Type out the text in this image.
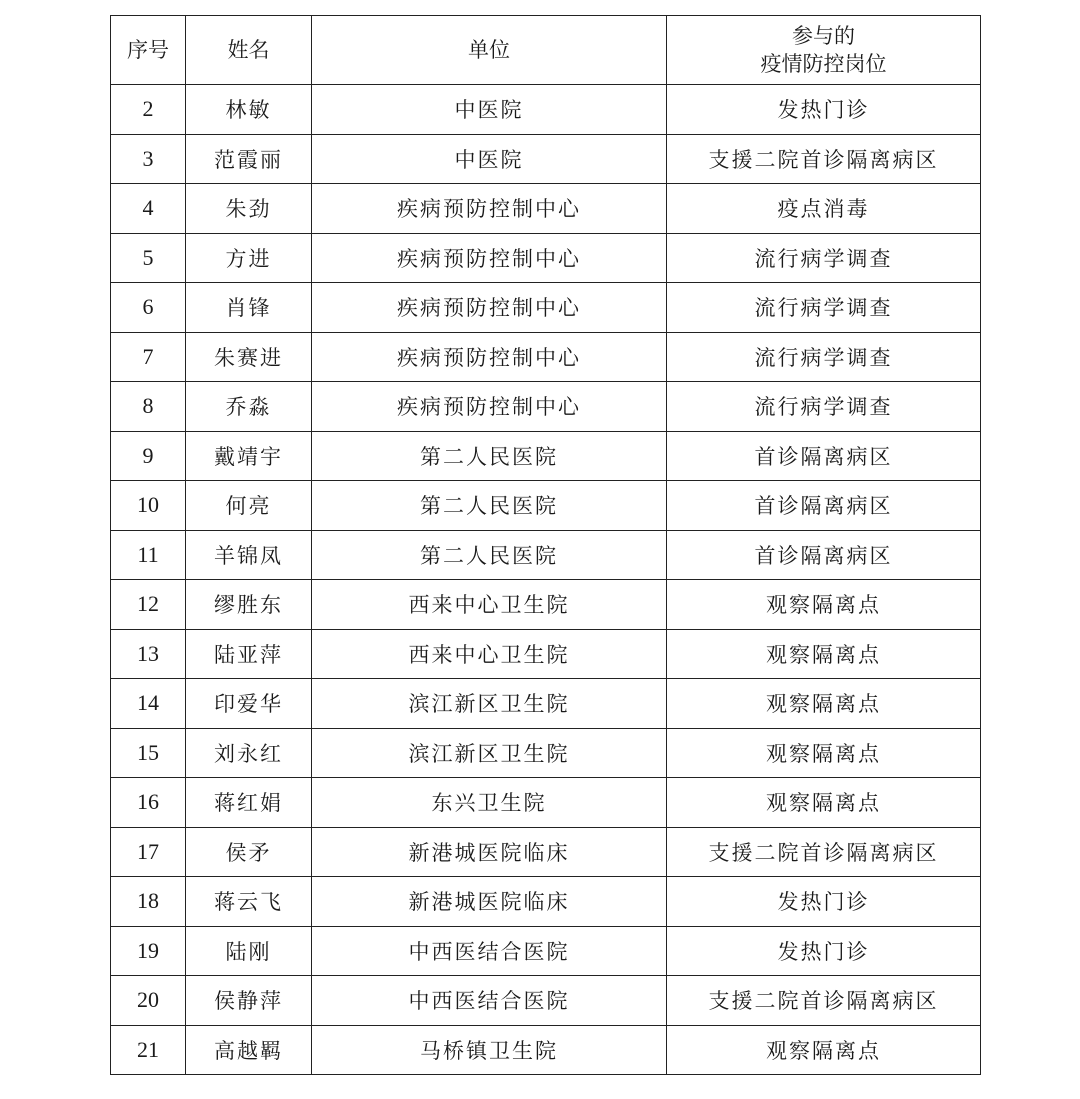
序号	姓名	单位	参与的
疫情防控岗位

2	林敏	中医院	发热门诊
3	范霞丽	中医院	支援二院首诊隔离病区
4	朱劲	疾病预防控制中心	疫点消毒
5	方进	疾病预防控制中心	流行病学调查
6	肖锋	疾病预防控制中心	流行病学调查
7	朱赛进	疾病预防控制中心	流行病学调查
8	乔淼	疾病预防控制中心	流行病学调查
9	戴靖宇	第二人民医院	首诊隔离病区
10	何亮	第二人民医院	首诊隔离病区
11	羊锦凤	第二人民医院	首诊隔离病区
12	缪胜东	西来中心卫生院	观察隔离点
13	陆亚萍	西来中心卫生院	观察隔离点
14	印爱华	滨江新区卫生院	观察隔离点
15	刘永红	滨江新区卫生院	观察隔离点
16	蒋红娟	东兴卫生院	观察隔离点
17	侯矛	新港城医院临床	支援二院首诊隔离病区
18	蒋云飞	新港城医院临床	发热门诊
19	陆刚	中西医结合医院	发热门诊
20	侯静萍	中西医结合医院	支援二院首诊隔离病区
21	高越羁	马桥镇卫生院	观察隔离点
